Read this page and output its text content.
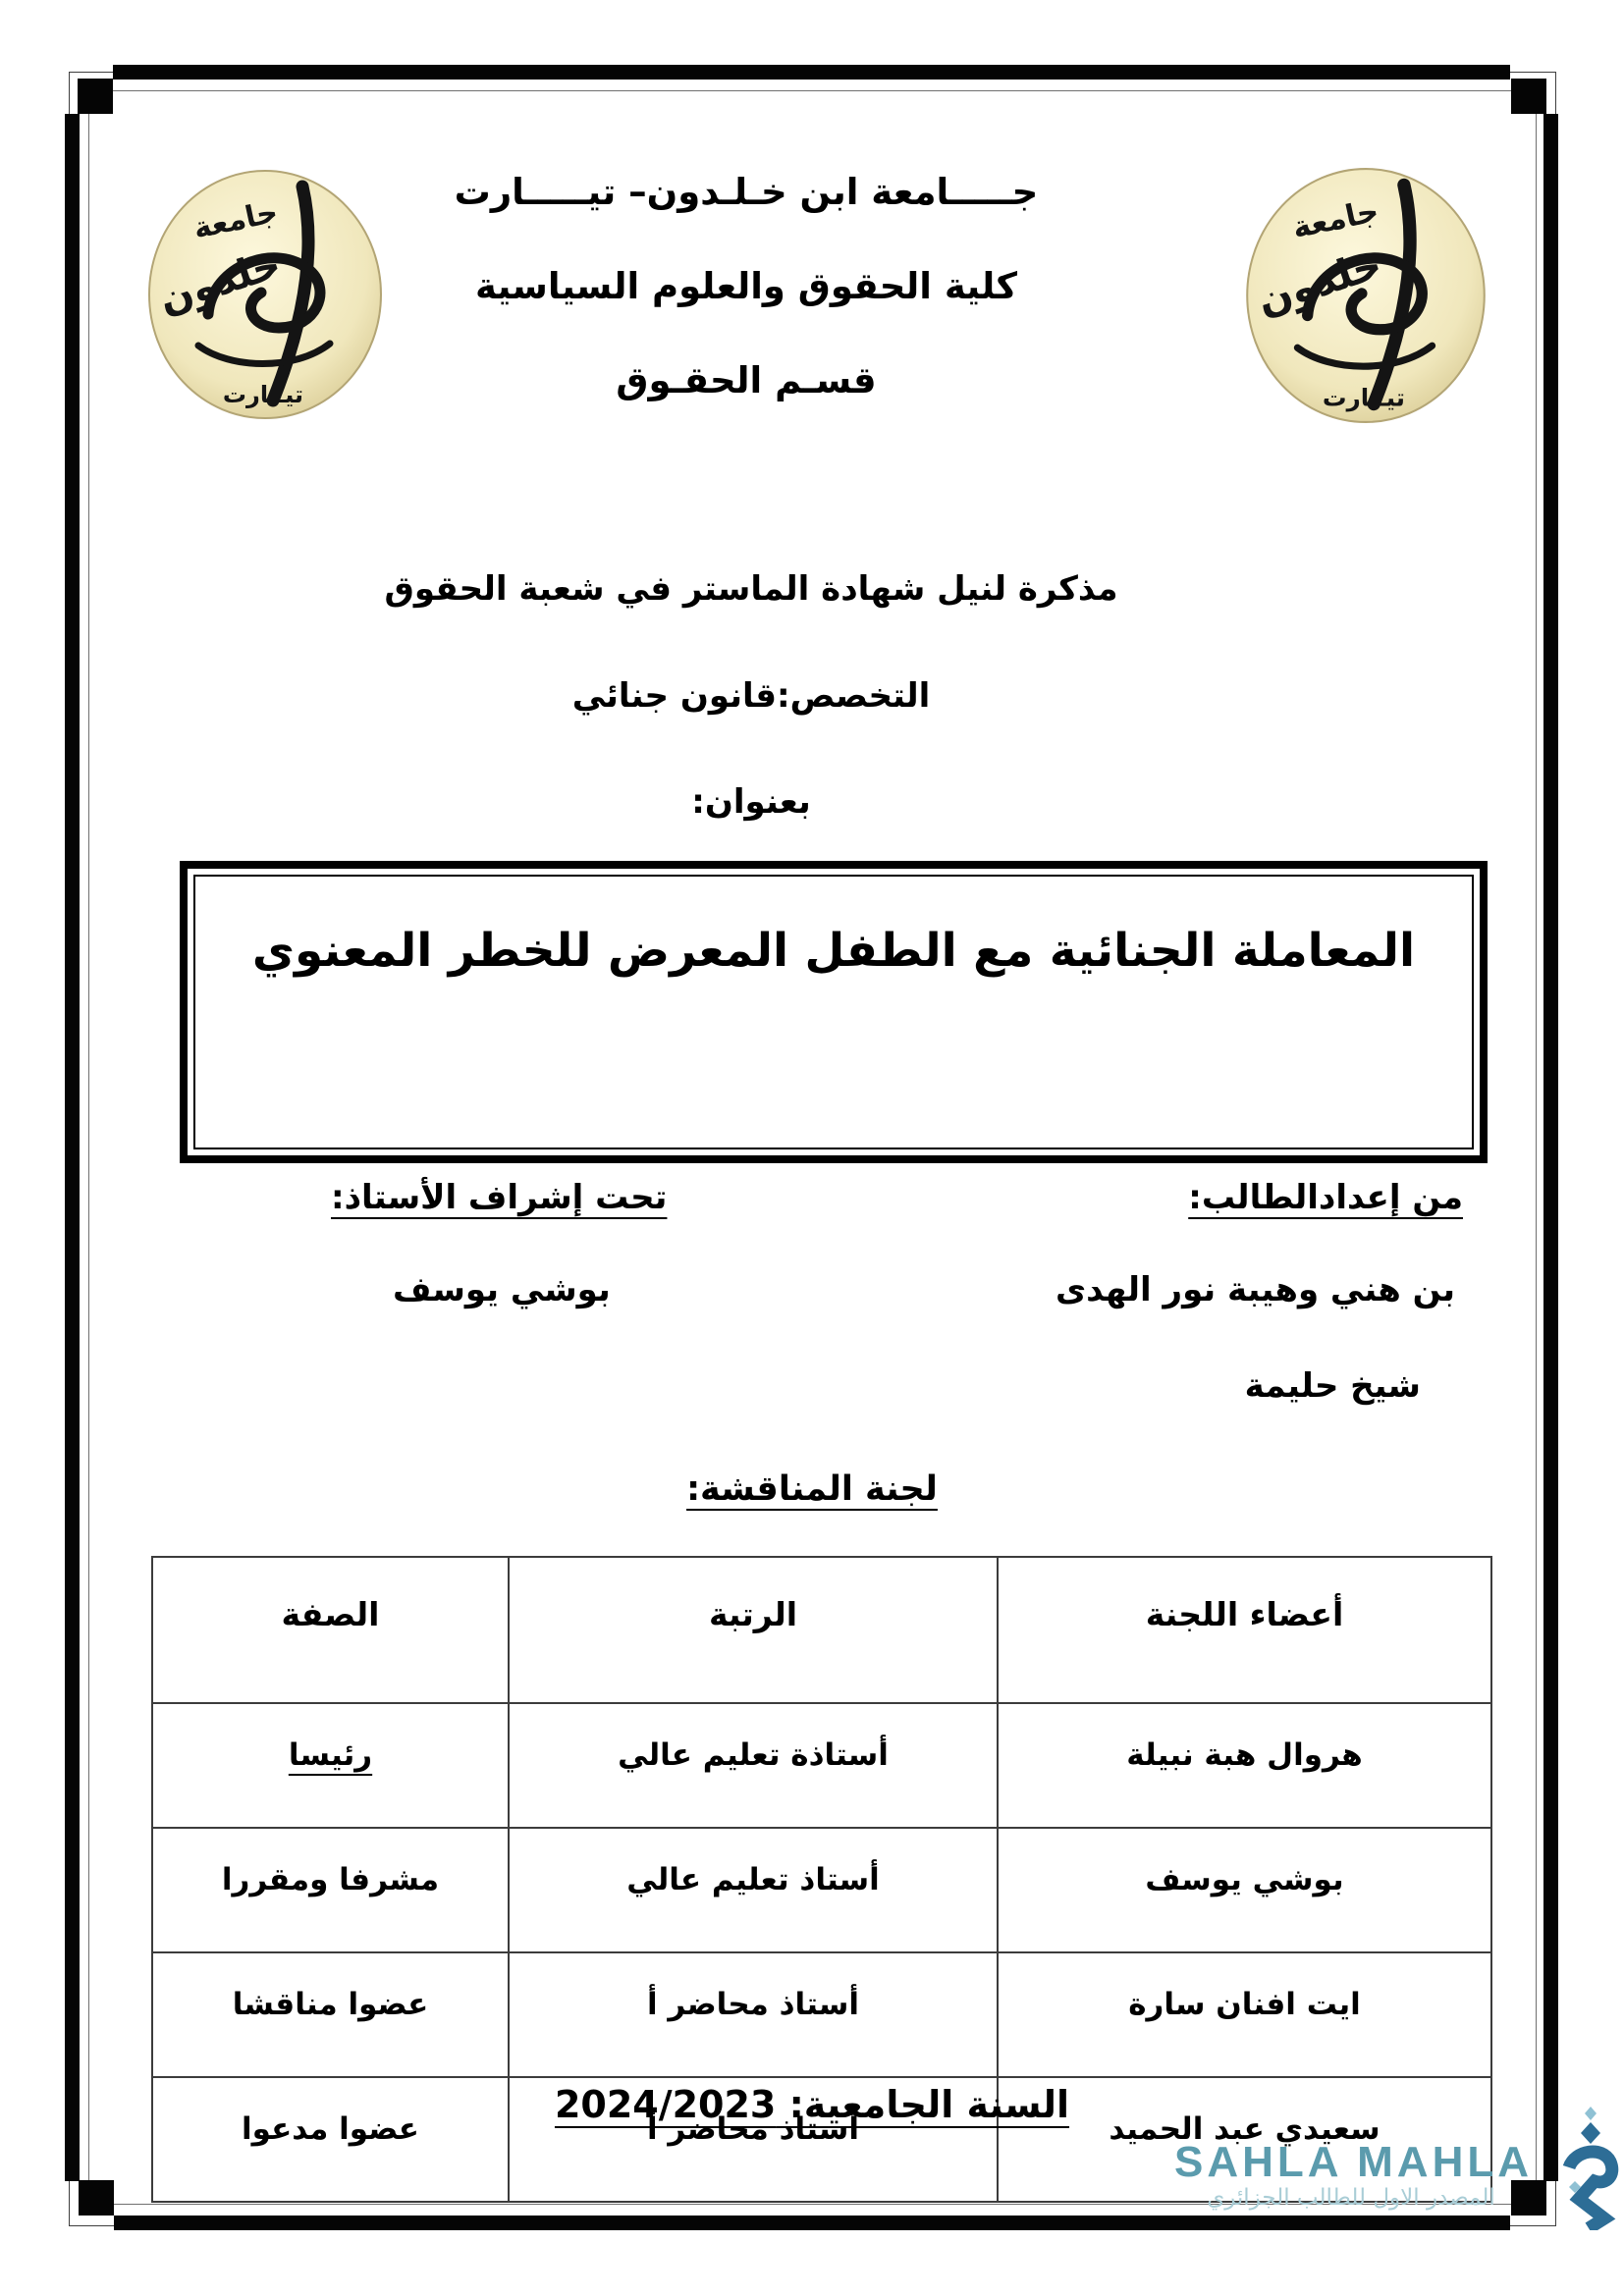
جامعة
خلدون
تيــارت
جامعة
خلدون
تيــارت
جـــــامعة ابن خـلـدون– تيـــــارت
كلية الحقوق والعلوم السياسية
قسـم الحقـوق
مذكرة لنيل شهادة الماستر في شعبة الحقوق
التخصص:قانون جنائي
بعنوان:
المعاملة الجنائية مع الطفل المعرض للخطر المعنوي
من إعدادالطالب:
تحت إشراف الأستاذ:
بن هني وهيبة نور الهدى
بوشي يوسف
شيخ حليمة
لجنة المناقشة:
أعضاء اللجنة	الرتبة	الصفة
هروال هبة نبيلة	أستاذة تعليم عالي	رئيسا
بوشي يوسف	أستاذ تعليم عالي	مشرفا ومقررا
ايت افنان سارة	أستاذ محاضر أ	عضوا مناقشا
سعيدي عبد الحميد	أستاذ محاضر أ	عضوا مدعوا
السنة الجامعية: 2024/2023
SAHLA MAHLA
المصدر الاول للطالب الجزائري
